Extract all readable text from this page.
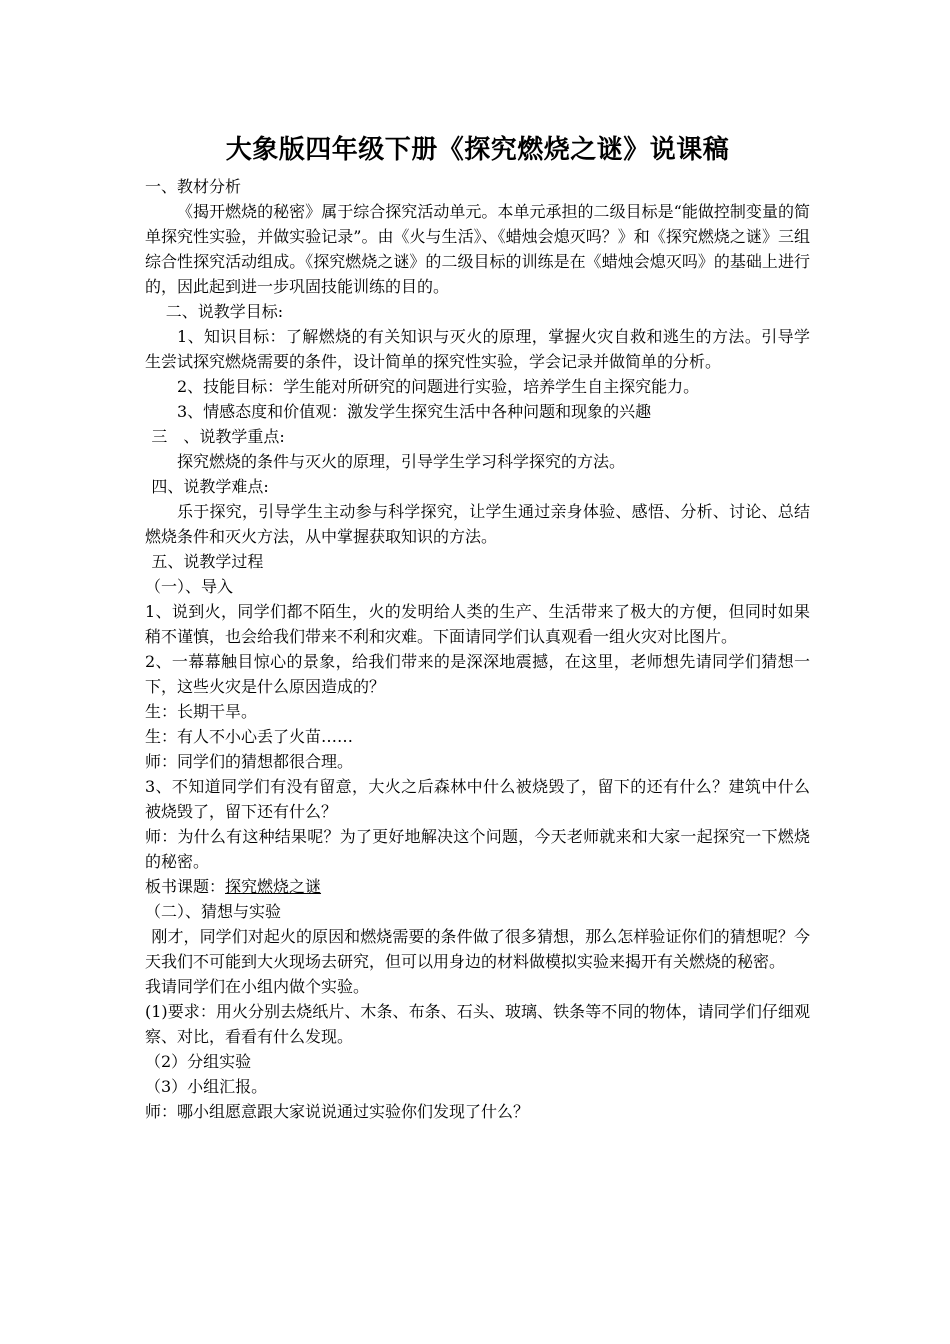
大象版四年级下册《探究燃烧之谜》说课稿

一、教材分析

《揭开燃烧的秘密》属于综合探究活动单元。本单元承担的二级目标是“能做控制变量的简单探究性实验，并做实验记录”。由《火与生活》、《蜡烛会熄灭吗？》和《探究燃烧之谜》三组综合性探究活动组成。《探究燃烧之谜》的二级目标的训练是在《蜡烛会熄灭吗》的基础上进行的，因此起到进一步巩固技能训练的目的。

二、说教学目标:

1、知识目标：了解燃烧的有关知识与灭火的原理，掌握火灾自救和逃生的方法。引导学生尝试探究燃烧需要的条件，设计简单的探究性实验，学会记录并做简单的分析。

2、技能目标：学生能对所研究的问题进行实验，培养学生自主探究能力。

3、情感态度和价值观：激发学生探究生活中各种问题和现象的兴趣

三　、说教学重点:

探究燃烧的条件与灭火的原理，引导学生学习科学探究的方法。

四、说教学难点:

乐于探究，引导学生主动参与科学探究，让学生通过亲身体验、感悟、分析、讨论、总结燃烧条件和灭火方法，从中掌握获取知识的方法。

五、说教学过程

（一）、导入

1、说到火，同学们都不陌生，火的发明给人类的生产、生活带来了极大的方便，但同时如果稍不谨慎，也会给我们带来不利和灾难。下面请同学们认真观看一组火灾对比图片。

2、一幕幕触目惊心的景象，给我们带来的是深深地震撼，在这里，老师想先请同学们猜想一下，这些火灾是什么原因造成的？

生：长期干旱。

生：有人不小心丢了火苗……

师：同学们的猜想都很合理。

3、不知道同学们有没有留意，大火之后森林中什么被烧毁了，留下的还有什么？建筑中什么被烧毁了，留下还有什么？

师：为什么有这种结果呢？为了更好地解决这个问题，今天老师就来和大家一起探究一下燃烧的秘密。

板书课题：探究燃烧之谜

（二）、猜想与实验

刚才，同学们对起火的原因和燃烧需要的条件做了很多猜想，那么怎样验证你们的猜想呢？今天我们不可能到大火现场去研究，但可以用身边的材料做模拟实验来揭开有关燃烧的秘密。

我请同学们在小组内做个实验。

(1)要求：用火分别去烧纸片、木条、布条、石头、玻璃、铁条等不同的物体，请同学们仔细观察、对比，看看有什么发现。

（2）分组实验

（3）小组汇报。

师：哪小组愿意跟大家说说通过实验你们发现了什么？
